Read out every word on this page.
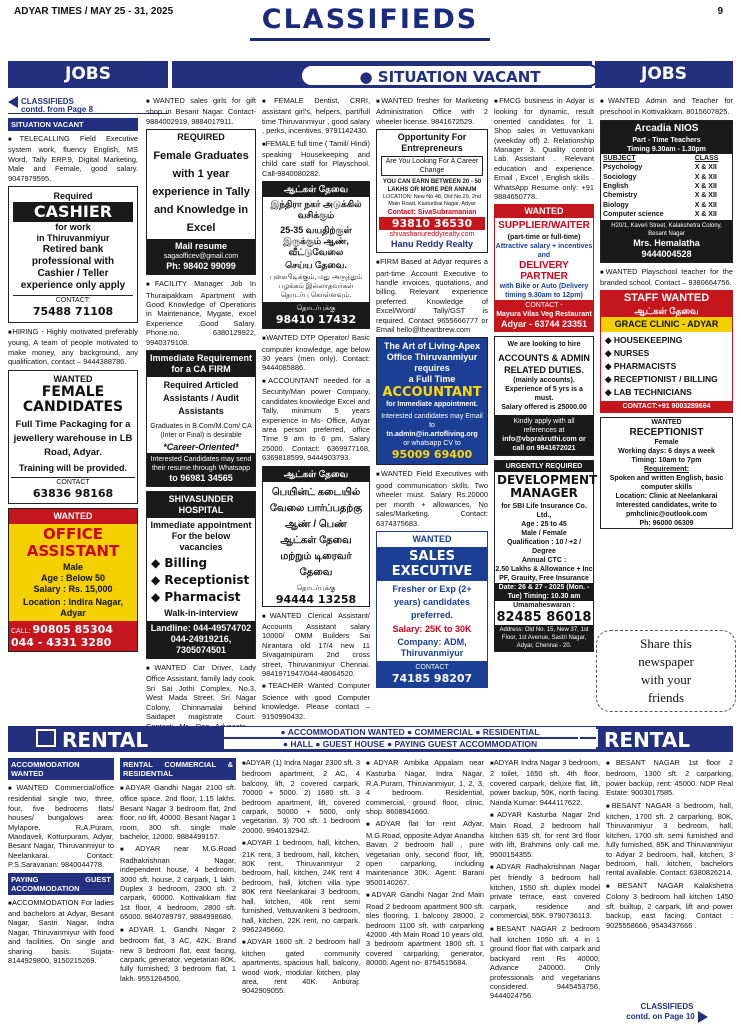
ADYAR TIMES / MAY 25 - 31, 2025	CLASSIFIEDS	9
JOBS	● SITUATION VACANT	JOBS
CLASSIFIEDS
contd. from Page 8
SITUATION VACANT

■ TELECALLING Field Executive system work, fluency English, MS Word, Tally ERP.9, Digital Marketing, Male and Female, good salary. 9047979595.

Required
CASHIER
for work
in Thiruvanmiyur
Retired bank professional with Cashier / Teller experience only apply
CONTACT:
75488 71108

■ HIRING - Highly motivated preferably young, A team of people motivated to make money, any background, any qualification, contact – 9444388786.

WANTED
FEMALE CANDIDATES
Full Time Packaging for a jewellery warehouse in LB Road, Adyar.
Training will be provided.
CONTACT
63836 98168
WANTED
OFFICE ASSISTANT
Male
Age : Below 50
Salary : Rs. 15,000
Location : Indira Nagar, Adyar
CALL: 90805 85304
044 - 4331 3280

■ WANTED sales girls for gift shop in Besant Nagar. Contact- 9884002919, 9884017911.

REQUIRED
Female Graduates with 1 year experience in Tally and Knowledge in Excel
Mail resume
sagaofficev@gmail.com
Ph: 98402 99099

■ FACILITY Manager Job In Thuraipakkam Apartment with Good Knowledge of Operations in Maintenance, Mygate, excel Experience .Good Salary. Phone.no. 6380129922, 9940379108.

Immediate Requirement for a CA FIRM
Required Articled Assistants / Audit Assistants
Graduates in B.Com/M.Com/ CA (Inter or Final) is desirable
*Career-Oriented*
Interested Candidates may send their resume through Whatsapp
to 96981 34565
SHIVASUNDER HOSPITAL
Immediate appointment For the below vacancies
◆ Billing
◆ Receptionist
◆ Pharmacist
Walk-in-interview
Landline: 044-49574702 044-24919216, 7305074501

■ WANTED Car Driver, Lady Office Assistant, family lady cook. Sri Sai Jothi Complex, No.3, West Mada Street, Sri Nagar Colony, Chinnamalai behind Saidapet magistrate Court.

■ FEMALE Dentist, CRRI, assistant girl's, helpers, part/full time Thiruvanmiyur , good salary , perks, incentives, 9791142430.

■ FEMALE full time ( Tamil/ Hindi) speaking Housekeeping and child care staff for Playschool. Call-9840080282.

ஆட்கள் தேவை
இந்திரா நகர் அடுக்கில் வசிக்கும்
25-35 வயதிற்குள் இருக்கும் ஆண், வீட்டுவேலை
செய்ய தேவை.
புகைபிடிக்கும், மது அருந்தும் பழக்கம் இல்லாதவர்கள் தொடர்பு கொள்ளவும்.
தொடர்புக்கு
98410 17432

■ WANTED DTP Operator/ Basic computer knowledge, age below 30 years (men only). Contact: 9444085886.

■ ACCOUNTANT needed for a Security/Man power Company, candidates knowledge Excel and Tally, minimum 5 years experience in Ms- Office, Adyar area person preferred, office Time 9 am to 6 pm. Salary 25000. Contact: 6369977168, 6369818599, 9444903793.

ஆட்கள் தேவை
பெயின்ட் கடையில் வேலை பார்ப்பதற்கு ஆண் / பெண் ஆட்கள் தேவை மற்றும் டிரைவர் தேவை
தொடர்புக்கு
94444 13258

■ WANTED Clerical Assistant/ Accounts Assistant salary 10000/ OMM Builders Sai Nirantara old 17/4 new 11 Sivagamipuram 2nd cross street, Thiruvanmiyur Chennai. 9841971947/044-48064520.

■ TEACHER Wanted Computer Science with good Computer knowledge. Please contact – 9150990432.

■ WANTED fresher for Marketing Administration Office with 2 wheeler license. 9841672529.

Opportunity For Entrepreneurs
Are You Looking For A Career Change
YOU CAN EARN BETWEEN 20 - 50 LAKHS OR MORE PER ANNUM
LOCATION: New No.48, Old No.29, 2nd Main Road, Kasturibai Nagar, Adyar
Contact: SivaSubramanian
93810 36530
shivashanureddyrealty.com
Hanu Reddy Realty

■ FIRM Based at Adyar requires a part-time Account Executive to handle invoices, quotations, and billing. Relevant experience preferred. Knowledge of Excel/Word/ Tally/GST is required. Contact 9655666777 or Email hello@theartbrew.com

The Art of Living-Apex Office Thiruvanmiyur
requires
a Full Time
ACCOUNTANT
for Immediate appointment.
Interested candidates may Email to
tn.admin@in.artofliving.org
or whatsapp CV to
95009 69400

■ WANTED Field Executives with good communication skills. Two wheeler must. Salary Rs.20000 per month + allowances, No sales/Marketing. Contact: 6374375683.

WANTED
SALES EXECUTIVE
Fresher or Exp (2+ years) candidates preferred.
Salary: 25K to 30K
Company: ADM, Thiruvanmiyur
CONTACT
74185 98207

■ FMCG business in Adyar is looking for dynamic, result oriented candidates for 1. Shop sales in Vettuvankani (weekday off) 2. Relationship Manager 3. Quality control Lab Assistant . Relevant education and experience. Email , Excel , English skills . WhatsApp Resume only: +91 9884650778.

WANTED
SUPPLIER/WAITER
(part-time or full-time)
Attractive salary + incentives and
DELIVERY PARTNER
with Bike or Auto (Delivery timing 9.30am to 12pm)
CONTACT -
Mayura Vilas Veg Restaurant
Adyar - 63744 23351
We are looking to hire
ACCOUNTS & ADMIN RELATED DUTIES.
(mainly accounts).
Experience of 5 yrs is a must.
Salary offered is 25000.00
Kindly apply with all references at
info@vbprakruthi.com or call on 9841672021
URGENTLY REQUIRED
DEVELOPMENT MANAGER
for SBI Life Insurance Co. Ltd.,
Age : 25 to 45
Male / Female
Qualification : 10 / +2 / Degree
Annual CTC :
2.50 Lakhs & Allowance + Inc PF, Grauity, Free Insurance
Date: 26 & 27 - 2025 (Mon. - Tue) Timing: 10.30 am
Umamaheswaran :
82485 86018
Address: Old No. 15, New 37, 1st Floor, 1st Avenue, Sastri Nagar, Adyar, Chennai - 20.

■ WANTED Admin and Teacher for preschool in Kottivakkam. 8015607825.

Arcadia NIOS
Part - Time Teachers
Timing 9.30am - 1.30pm
SUBJECT	CLASS
Psychology	X & XII
Sociology	X & XII
English	X & XII
Chemistry	X & XII
Biology	X & XII
Computer science	X & XII
H20/1, Kaveri Street, Kalakshetra Colony, Besant Nagar
Mrs. Hemalatha
9444004528

■ WANTED Playschool teacher for the branded school. Contact – 9380664756.

STAFF WANTED
ஆட்கள் தேவை
GRACE CLINIC - ADYAR
◆ HOUSEKEEPING
◆ NURSES
◆ PHARMACISTS
◆ RECEPTIONIST / BILLING
◆ LAB TECHNICIANS
CONTACT:+91 9003289664
WANTED
RECEPTIONIST
Female
Working days: 6 days a week
Timing: 10am to 7pm
Requirement:
Spoken and written English, basic computer skills
Location: Clinic at Neelankarai
Interested candidates, write to
pmhclinic@outlook.com
Ph: 96000 06309
Share this
newspaper
with your
friends
RENTAL	● ACCOMMODATION WANTED ● COMMERCIAL ● RESIDENTIAL
● HALL ● GUEST HOUSE ● PAYING GUEST ACCOMMODATION	RENTAL
ACCOMMODATION WANTED

■ WANTED Commercial/office residential single two, three, four, five bedrooms flats/ houses/ bungalows area: Mylapore, R.A.Puram, Mandaveli, Kotturpuram, Adyar, Besant Nagar, Thiruvanmiyur to Neelankarai. Contact: P.S.Saravanan: 9840044778.

PAYING GUEST ACCOMMODATION

■ ACCOMMODATION For ladies and bachelors at Adyar, Besant Nagar, Sastri Nagar, Indra Nagar, Thiruvanmiyur with food and facilities. On single and sharing basis. Sujata- 8144929800, 9150215269.

RENTAL COMMERCIAL & RESIDENTIAL

■ ADYAR Gandhi Nagar 2100 sft. office space. 2nd floor, 1.15 lakhs. Besant Nagar 3 bedroom flat, 2nd floor, no lift, 40000. Besant Nagar 1 room, 300 sft. single male bachelor, 12000. 9884499157.

■ ADYAR near M.G.Road Radhakrishnan Nagar, independent house, 4 bedroom, 3000 sft. house, 2 carpark, 1 lakh. Duplex 3 bedroom, 2300 sft. 2 carpark, 60000. Kottivakkam flat 1st floor, 4 bedroom, 2800 sft. 65000. 9840789797, 9884998686.

■ ADYAR 1. Gandhi Nagar 2 bedroom flat, 3 AC, 42K. Brand new 3 bedroom flat, east facing, carpark, generator, vegetarian 80K, fully furnished, 3 bedroom flat, 1 lakh. 9551264500.

■ ADYAR (1) Indra Nagar 2300 sft. 3 bedroom apartment, 2 AC, 4 balcony, lift, 2 covered carpark, 70000 + 5000. 2) 1680 sft. 3 bedroom apartment, lift, covered carpark, 50000 + 5000, only vegetarian. 3) 700 sft. 1 bedroom 20000. 9940132942.

■ ADYAR 1 bedroom, hall, kitchen, 21K rent, 3 bedroom, hall, kitchen, 80K rent, Thiruvanmiyur 2 bedroom, hall, kitchen, 24K rent 4 bedroom, hall, kitchen villa type 80K rent Neelankarai 3 bedroom, hall, kitchen, 40k rent semi furnished, Vettuvankeni 3 bedroom, hall, kitchen, 22K rent, no carpark. 9962245660.

■ ADYAR 1600 sft. 2 bedroom hall kitchen gated community apartments, spacious hall, balcony, wood work, modular kitchen, play area, rent 40K. Anburaj: 9042909055.

■ ADYAR Ambika Appalam near Kasturba Nagar, Indra Nagar, R.A.Puram, Thiruvanmiyur, 1, 2, 3, 4 bedroom. Residential, commercial, ground floor, clinic, shop. 8608941660.

■ ADYAR flat for rent Adyar, M.G.Road, opposite Adyar Anandha Bavan 2 bedroom hall , pure vegetarian only, second floor, lift, open carparking, including maintenance 30K. Agent: Barani 9500140267.

■ ADYAR Gandhi Nagar 2nd Main Road 2 bedroom apartment 900 sft. tiles flooring, 1 balcony 28000, 2 bedroom 1100 sft. with carparking 42000 .4th Main Road 10 years old, 3 bedroom apartment 1800 sft. 1 covered carparking, generator, 80000. Agent no- 8754515684.

■ ADYAR Indra Nagar 3 bedroom, 2 toilet, 1650 sft. 4th floor, covered carpark, deluxe flat, lift, power backup, 50K, north facing. Nanda Kumar: 9444117622.

■ ADYAR Kasturba Nagar 2nd Main Road, 2 bedroom hall kitchen 635 sft. for rent 3rd floor with lift, Brahmins only call me. 9500154355.

■ ADYAR Radhakrishnan Nagar pet friendly 3 bedroom hall kitchen, 1550 sft. duplex model private terrace, east covered carpark, residence and commercial, 55K. 9790736113.

■ BESANT NAGAR 2 bedroom hall kitchen 1050 sft. 4 in 1 ground floor flat with carpark and backyard rent Rs 40000, Advance 240000. Only professionals and vegetarians considered. 9445453756, 9444024756.

■ BESANT NAGAR 1st floor 2 bedroom, 1300 sft. 2 carparking, power backup, rent: 45000. NDP Real Estate: 9003017585.

■ BESANT NAGAR 3 bedroom, hall, kitchen, 1700 sft. 2 carparking, 80K, Thiruvanmiyur 3 bedroom, hall, kitchen, 1700 sft. semi furnished and fully furnished, 85K and Thiruvanmiyur to Adyar 2 bedroom, hall, kitchen, 3 bedroom, hall, kitchen, bachelors rental available. Contact: 6380826214.

■ BESANT NAGAR Kalakshetra Colony 3 bedroom hall kitchen 1450 sft. builtup, 2 carpark, lift and power backup, east facing. Contact : 9025558666, 9543437666 .

CLASSIFIEDS
contd. on Page 10
